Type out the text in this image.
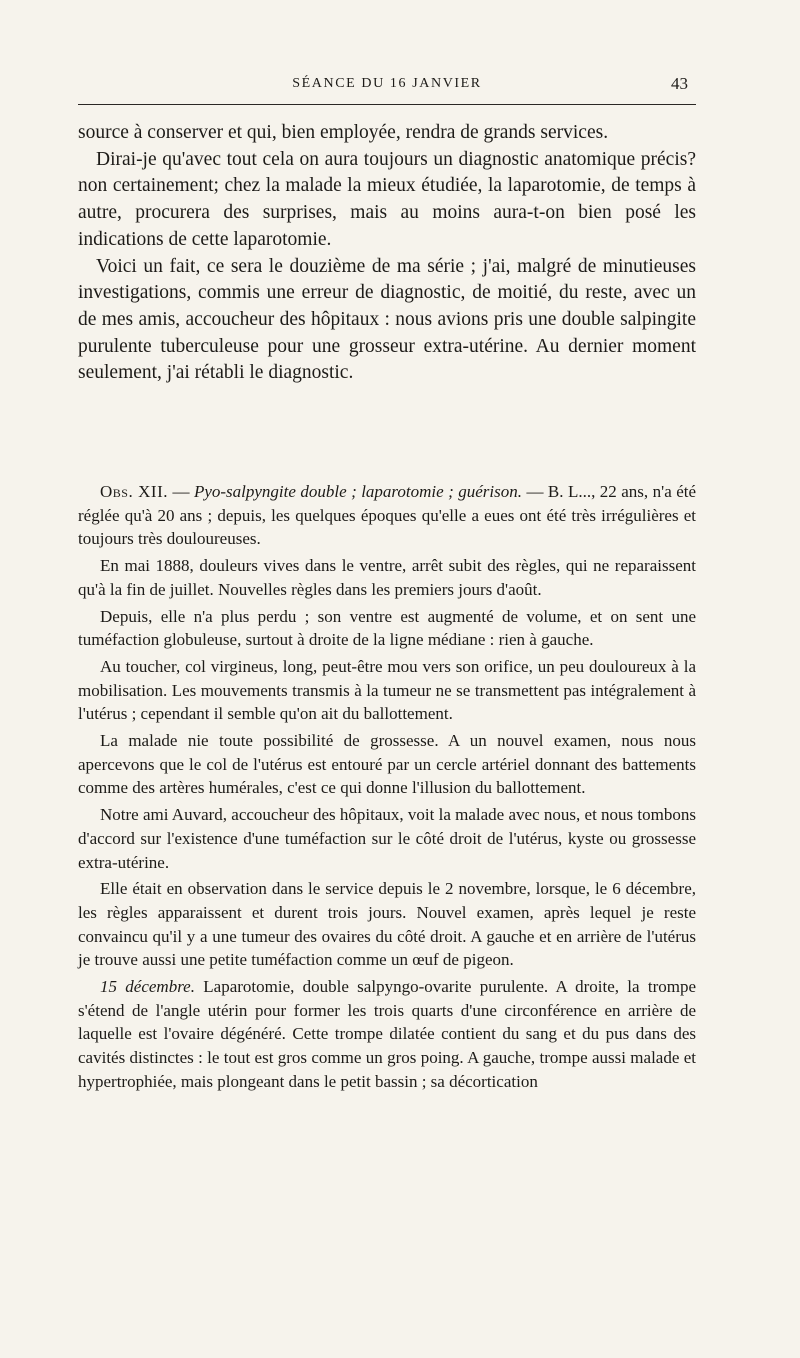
SÉANCE DU 16 JANVIER	43

source à conserver et qui, bien employée, rendra de grands services.

Dirai-je qu'avec tout cela on aura toujours un diagnostic anatomique précis? non certainement; chez la malade la mieux étudiée, la laparotomie, de temps à autre, procurera des surprises, mais au moins aura-t-on bien posé les indications de cette laparotomie.

Voici un fait, ce sera le douzième de ma série ; j'ai, malgré de minutieuses investigations, commis une erreur de diagnostic, de moitié, du reste, avec un de mes amis, accoucheur des hôpitaux : nous avions pris une double salpingite purulente tuberculeuse pour une grosseur extra-utérine. Au dernier moment seulement, j'ai rétabli le diagnostic.

Obs. XII. — Pyo-salpyngite double ; laparotomie ; guérison. — B. L..., 22 ans, n'a été réglée qu'à 20 ans ; depuis, les quelques époques qu'elle a eues ont été très irrégulières et toujours très douloureuses.

En mai 1888, douleurs vives dans le ventre, arrêt subit des règles, qui ne reparaissent qu'à la fin de juillet. Nouvelles règles dans les premiers jours d'août.

Depuis, elle n'a plus perdu ; son ventre est augmenté de volume, et on sent une tuméfaction globuleuse, surtout à droite de la ligne médiane : rien à gauche.

Au toucher, col virgineus, long, peut-être mou vers son orifice, un peu douloureux à la mobilisation. Les mouvements transmis à la tumeur ne se transmettent pas intégralement à l'utérus ; cependant il semble qu'on ait du ballottement.

La malade nie toute possibilité de grossesse. A un nouvel examen, nous nous apercevons que le col de l'utérus est entouré par un cercle artériel donnant des battements comme des artères humérales, c'est ce qui donne l'illusion du ballottement.

Notre ami Auvard, accoucheur des hôpitaux, voit la malade avec nous, et nous tombons d'accord sur l'existence d'une tuméfaction sur le côté droit de l'utérus, kyste ou grossesse extra-utérine.

Elle était en observation dans le service depuis le 2 novembre, lorsque, le 6 décembre, les règles apparaissent et durent trois jours. Nouvel examen, après lequel je reste convaincu qu'il y a une tumeur des ovaires du côté droit. A gauche et en arrière de l'utérus je trouve aussi une petite tuméfaction comme un œuf de pigeon.

15 décembre. Laparotomie, double salpyngo-ovarite purulente. A droite, la trompe s'étend de l'angle utérin pour former les trois quarts d'une circonférence en arrière de laquelle est l'ovaire dégénéré. Cette trompe dilatée contient du sang et du pus dans des cavités distinctes : le tout est gros comme un gros poing. A gauche, trompe aussi malade et hypertrophiée, mais plongeant dans le petit bassin ; sa décortication
